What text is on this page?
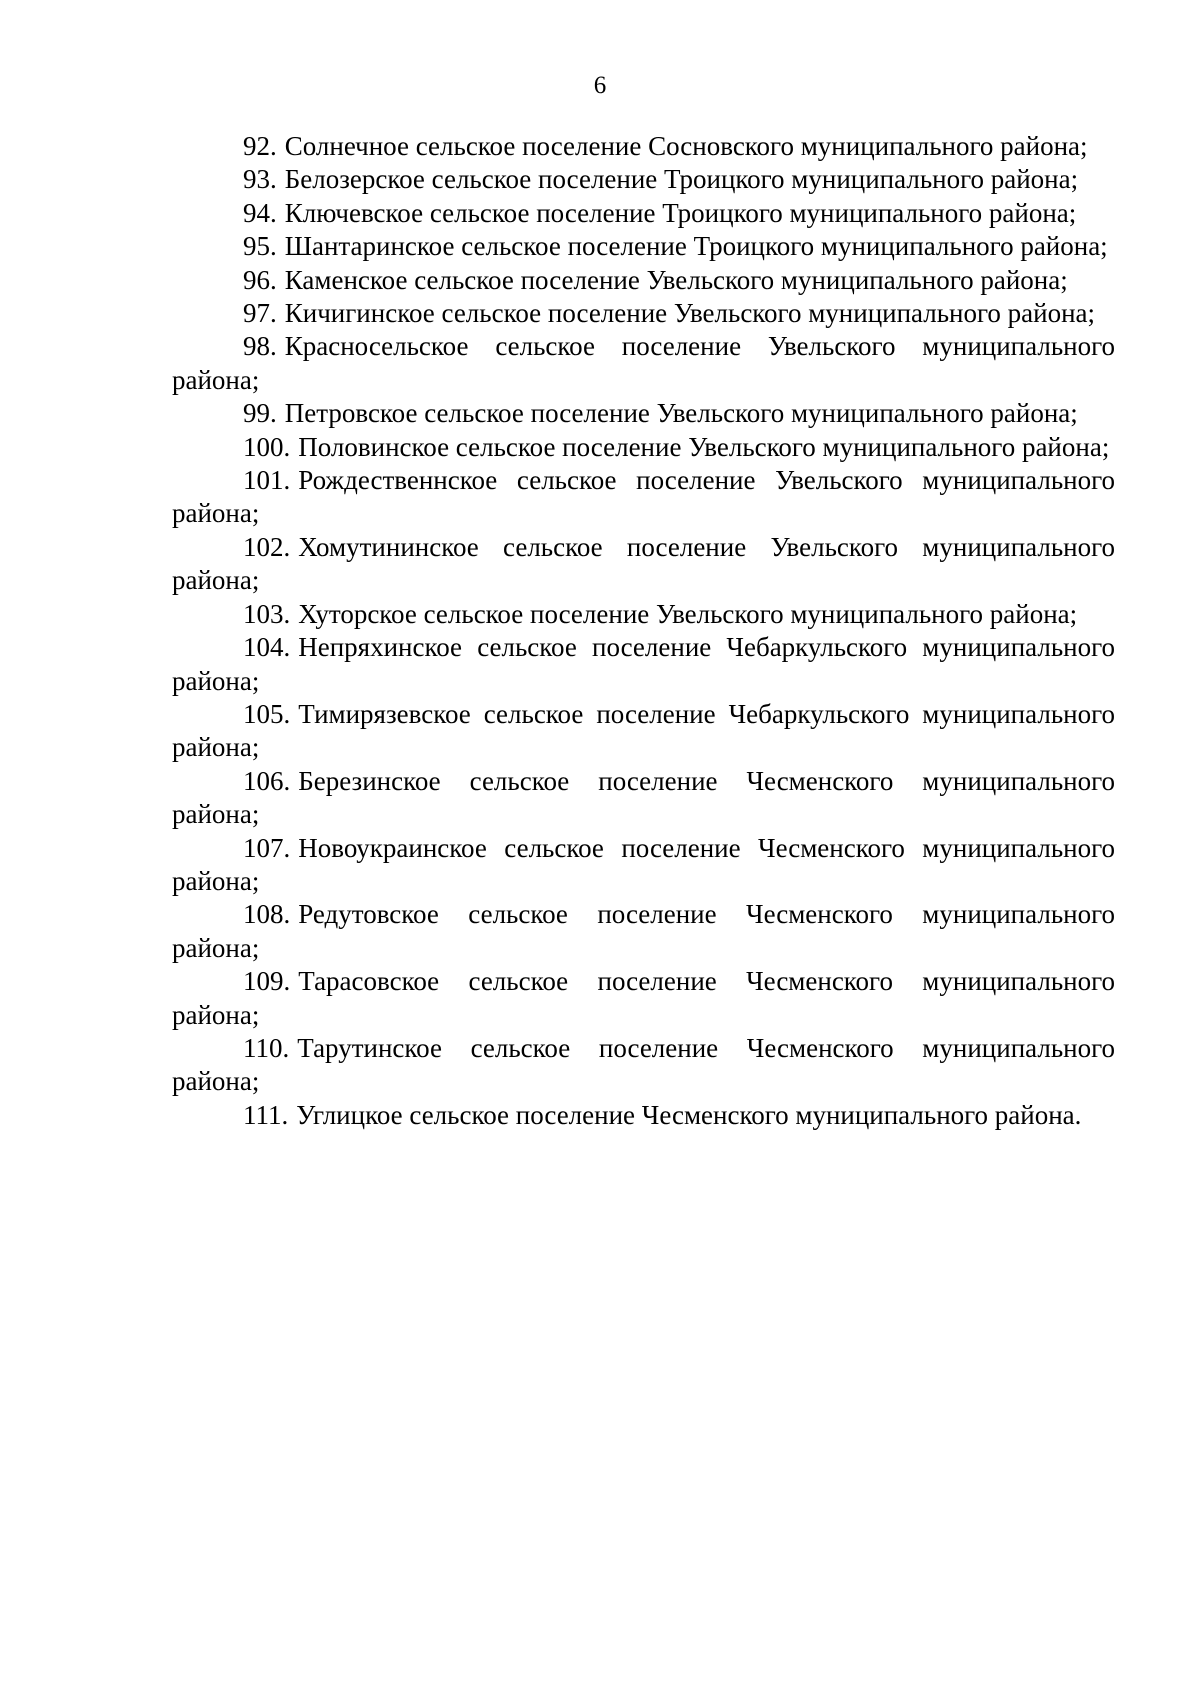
6

92. Солнечное сельское поселение Сосновского муниципального района;

93. Белозерское сельское поселение Троицкого муниципального района;

94. Ключевское сельское поселение Троицкого муниципального района;

95. Шантаринское сельское поселение Троицкого муниципального района;

96. Каменское сельское поселение Увельского муниципального района;

97. Кичигинское сельское поселение Увельского муниципального района;

98. Красносельское сельское поселение Увельского муниципального района;

99. Петровское сельское поселение Увельского муниципального района;

100. Половинское сельское поселение Увельского муниципального района;

101. Рождественнское сельское поселение Увельского муниципального района;

102. Хомутининское сельское поселение Увельского муниципального района;

103. Хуторское сельское поселение Увельского муниципального района;

104. Непряхинское сельское поселение Чебаркульского муниципального района;

105. Тимирязевское сельское поселение Чебаркульского муниципального района;

106. Березинское сельское поселение Чесменского муниципального района;

107. Новоукраинское сельское поселение Чесменского муниципального района;

108. Редутовское сельское поселение Чесменского муниципального района;

109. Тарасовское сельское поселение Чесменского муниципального района;

110. Тарутинское сельское поселение Чесменского муниципального района;

111. Углицкое сельское поселение Чесменского муниципального района.
